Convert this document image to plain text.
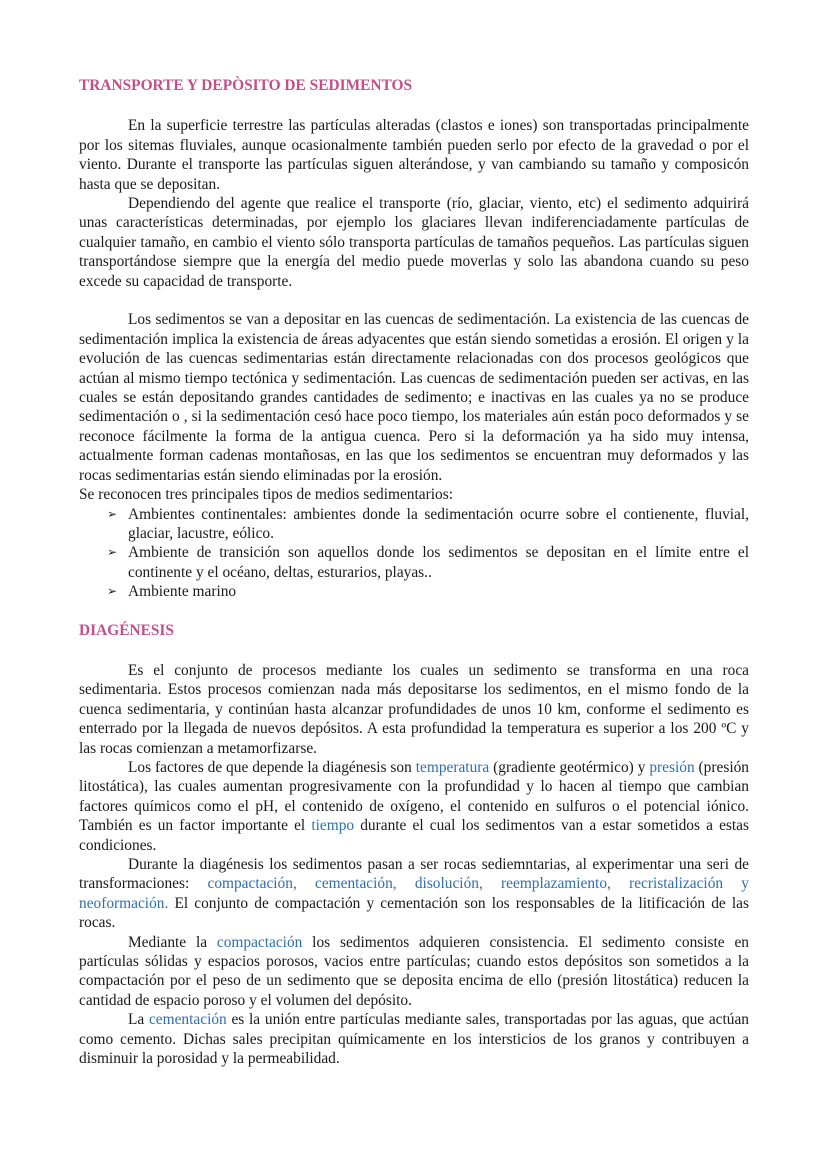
TRANSPORTE Y DEPÒSITO DE SEDIMENTOS

En la superficie terrestre las partículas alteradas (clastos e iones) son transportadas principalmente por los sitemas fluviales, aunque ocasionalmente también pueden serlo por efecto de la gravedad o por el viento. Durante el transporte las partículas siguen alterándose, y van cambiando su tamaño y composicón hasta que se depositan.

Dependiendo del agente que realice el transporte (río, glaciar, viento, etc) el sedimento adquirirá unas características determinadas, por ejemplo los glaciares llevan indiferenciadamente partículas de cualquier tamaño, en cambio el viento sólo transporta partículas de tamaños pequeños. Las partículas siguen transportándose siempre que la energía del medio puede moverlas y solo las abandona cuando su peso excede su capacidad de transporte.

Los sedimentos se van a depositar en las cuencas de sedimentación. La existencia de las cuencas de sedimentación implica la existencia de áreas adyacentes que están siendo sometidas a erosión. El origen y la evolución de las cuencas sedimentarias están directamente relacionadas con dos procesos geológicos que actúan al mismo tiempo tectónica y sedimentación. Las cuencas de sedimentación pueden ser activas, en las cuales se están depositando grandes cantidades de sedimento; e inactivas en las cuales ya no se produce sedimentación o , si la sedimentación cesó hace poco tiempo, los materiales aún están poco deformados y se reconoce fácilmente la forma de la antigua cuenca. Pero si la deformación ya ha sido muy intensa, actualmente forman cadenas montañosas, en las que los sedimentos se encuentran muy deformados y las rocas sedimentarias están siendo eliminadas por la erosión.

Se reconocen tres principales tipos de medios sedimentarios:

➢ Ambientes continentales: ambientes donde la sedimentación ocurre sobre el contienente, fluvial, glaciar, lacustre, eólico.
➢ Ambiente de transición son aquellos donde los sedimentos se depositan en el límite entre el continente y el océano, deltas, esturarios, playas..
➢ Ambiente marino
DIAGÉNESIS

Es el conjunto de procesos mediante los cuales un sedimento se transforma en una roca sedimentaria. Estos procesos comienzan nada más depositarse los sedimentos, en el mismo fondo de la cuenca sedimentaria, y continúan hasta alcanzar profundidades de unos 10 km, conforme el sedimento es enterrado por la llegada de nuevos depósitos. A esta profundidad la temperatura es superior a los 200 ºC y las rocas comienzan a metamorfizarse.

Los factores de que depende la diagénesis son temperatura (gradiente geotérmico) y presión (presión litostática), las cuales aumentan progresivamente con la profundidad y lo hacen al tiempo que cambian factores químicos como el pH, el contenido de oxígeno, el contenido en sulfuros o el potencial iónico. También es un factor importante el tiempo durante el cual los sedimentos van a estar sometidos a estas condiciones.

Durante la diagénesis los sedimentos pasan a ser rocas sediemntarias, al experimentar una seri de transformaciones: compactación, cementación, disolución, reemplazamiento, recristalización y neoformación. El conjunto de compactación y cementación son los responsables de la litificación de las rocas.

Mediante la compactación los sedimentos adquieren consistencia. El sedimento consiste en partículas sólidas y espacios porosos, vacios entre partículas; cuando estos depósitos son sometidos a la compactación por el peso de un sedimento que se deposita encima de ello (presión litostática) reducen la cantidad de espacio poroso y el volumen del depósito.

La cementación es la unión entre partículas mediante sales, transportadas por las aguas, que actúan como cemento. Dichas sales precipitan químicamente en los intersticios de los granos y contribuyen a disminuir la porosidad y la permeabilidad.
